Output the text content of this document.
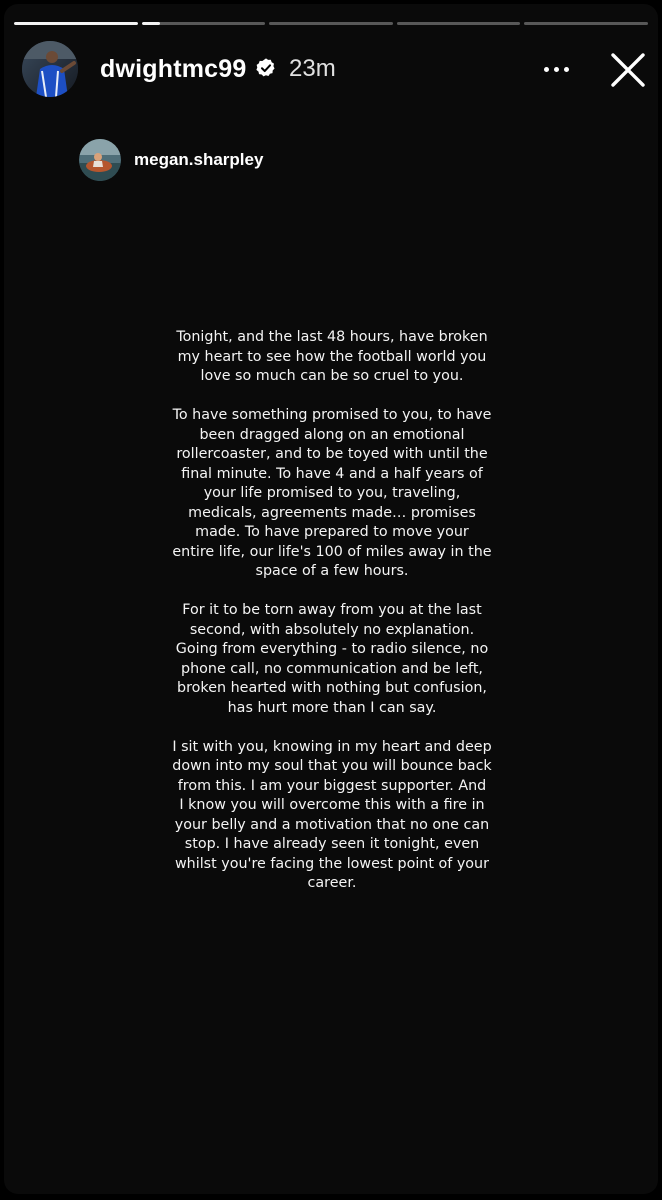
dwightmc99 23m
megan.sharpley

Tonight, and the last 48 hours, have broken
my heart to see how the football world you
love so much can be so cruel to you.

To have something promised to you, to have
been dragged along on an emotional
rollercoaster, and to be toyed with until the
final minute. To have 4 and a half years of
your life promised to you, traveling,
medicals, agreements made… promises
made. To have prepared to move your
entire life, our life's 100 of miles away in the
space of a few hours.

For it to be torn away from you at the last
second, with absolutely no explanation.
Going from everything - to radio silence, no
phone call, no communication and be left,
broken hearted with nothing but confusion,
has hurt more than I can say.

I sit with you, knowing in my heart and deep
down into my soul that you will bounce back
from this. I am your biggest supporter. And
I know you will overcome this with a fire in
your belly and a motivation that no one can
stop. I have already seen it tonight, even
whilst you're facing the lowest point of your
career.
